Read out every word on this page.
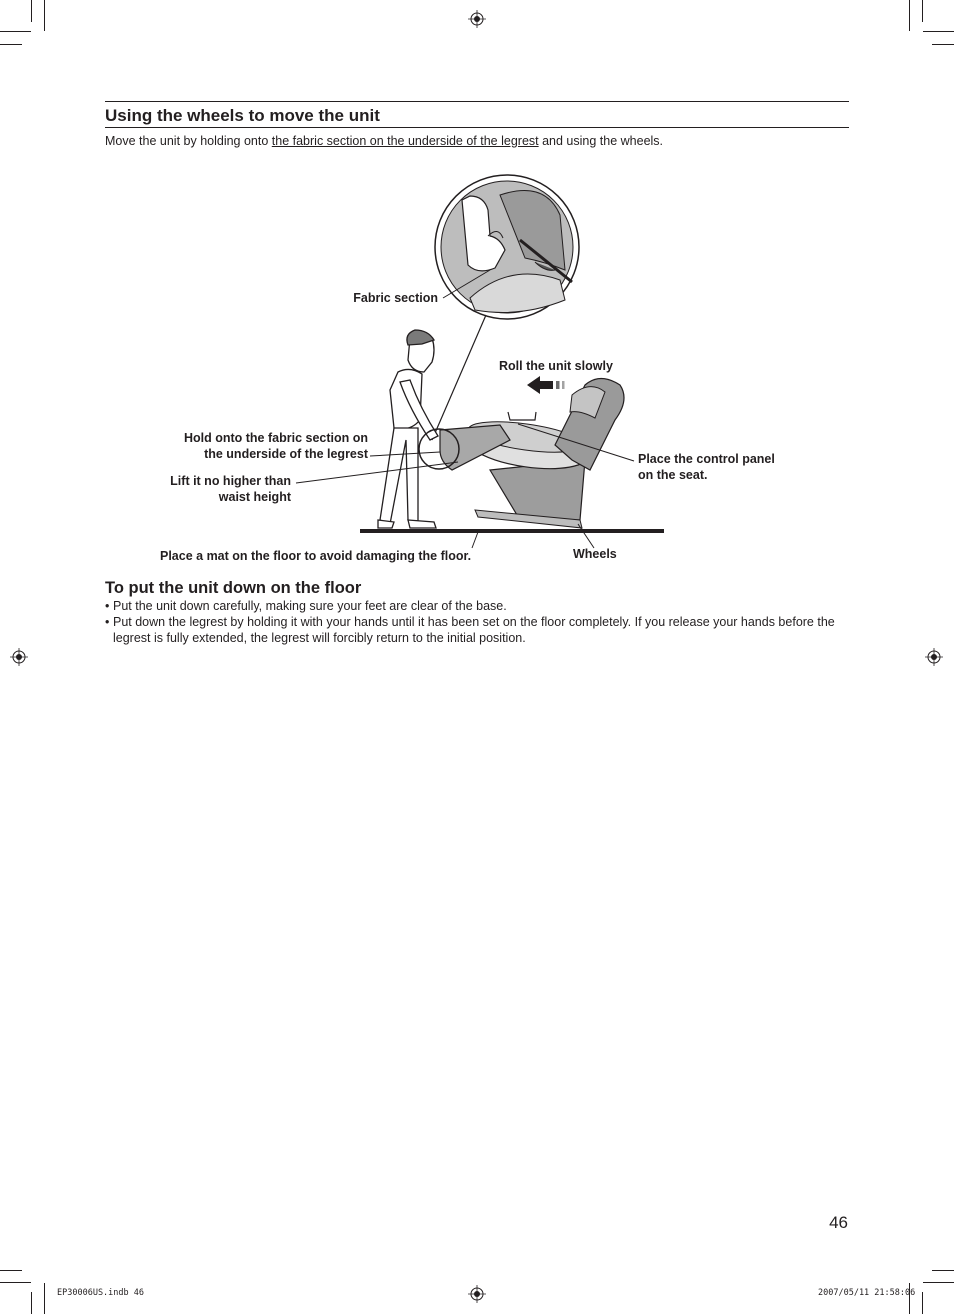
Using the wheels to move the unit
Move the unit by holding onto the fabric section on the underside of the legrest and using the wheels.
Fabric section
Roll the unit slowly
Hold onto the fabric section on
the underside of the legrest
Lift it no higher than
waist height
Place the control panel
on the seat.
Place a mat on the floor to avoid damaging the floor.	Wheels
To put the unit down on the floor
• Put the unit down carefully, making sure your feet are clear of the base.
• Put down the legrest by holding it with your hands until it has been set on the floor completely. If you release your hands before the legrest is fully extended, the legrest will forcibly return to the initial position.
46
EP30006US.indb 46	2007/05/11 21:58:06
